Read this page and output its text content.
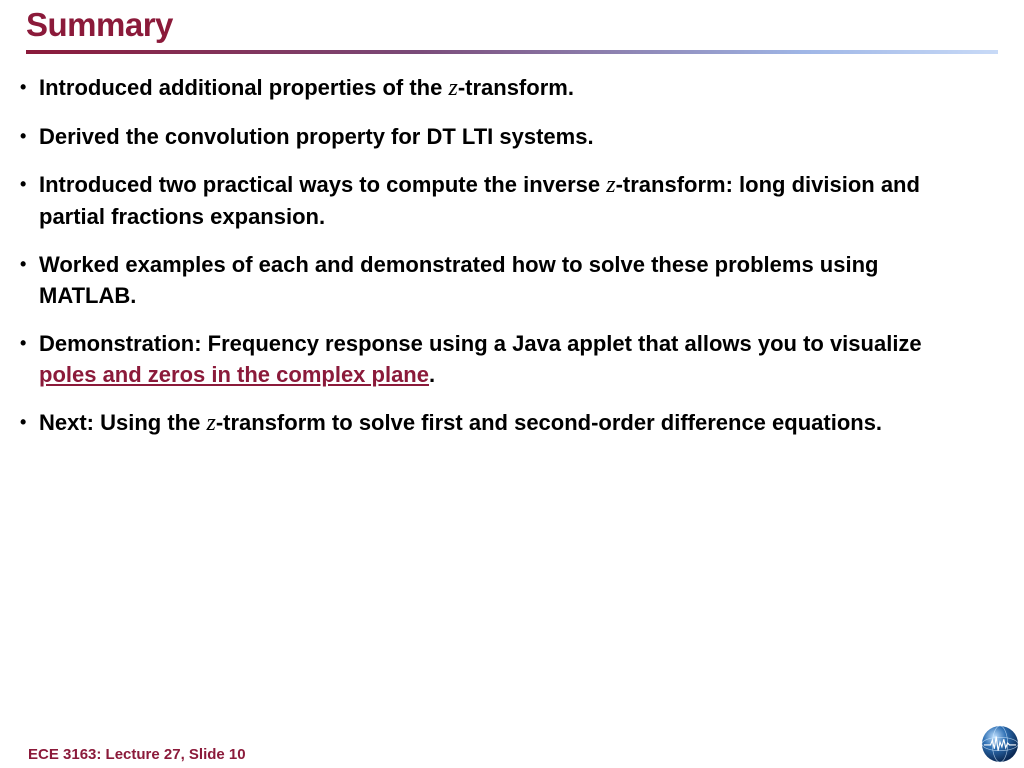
Summary
• Introduced additional properties of the z-transform.
• Derived the convolution property for DT LTI systems.
• Introduced two practical ways to compute the inverse z-transform: long division and partial fractions expansion.
• Worked examples of each and demonstrated how to solve these problems using MATLAB.
• Demonstration: Frequency response using a Java applet that allows you to visualize poles and zeros in the complex plane.
• Next: Using the z-transform to solve first and second-order difference equations.
ECE 3163: Lecture 27, Slide 10
